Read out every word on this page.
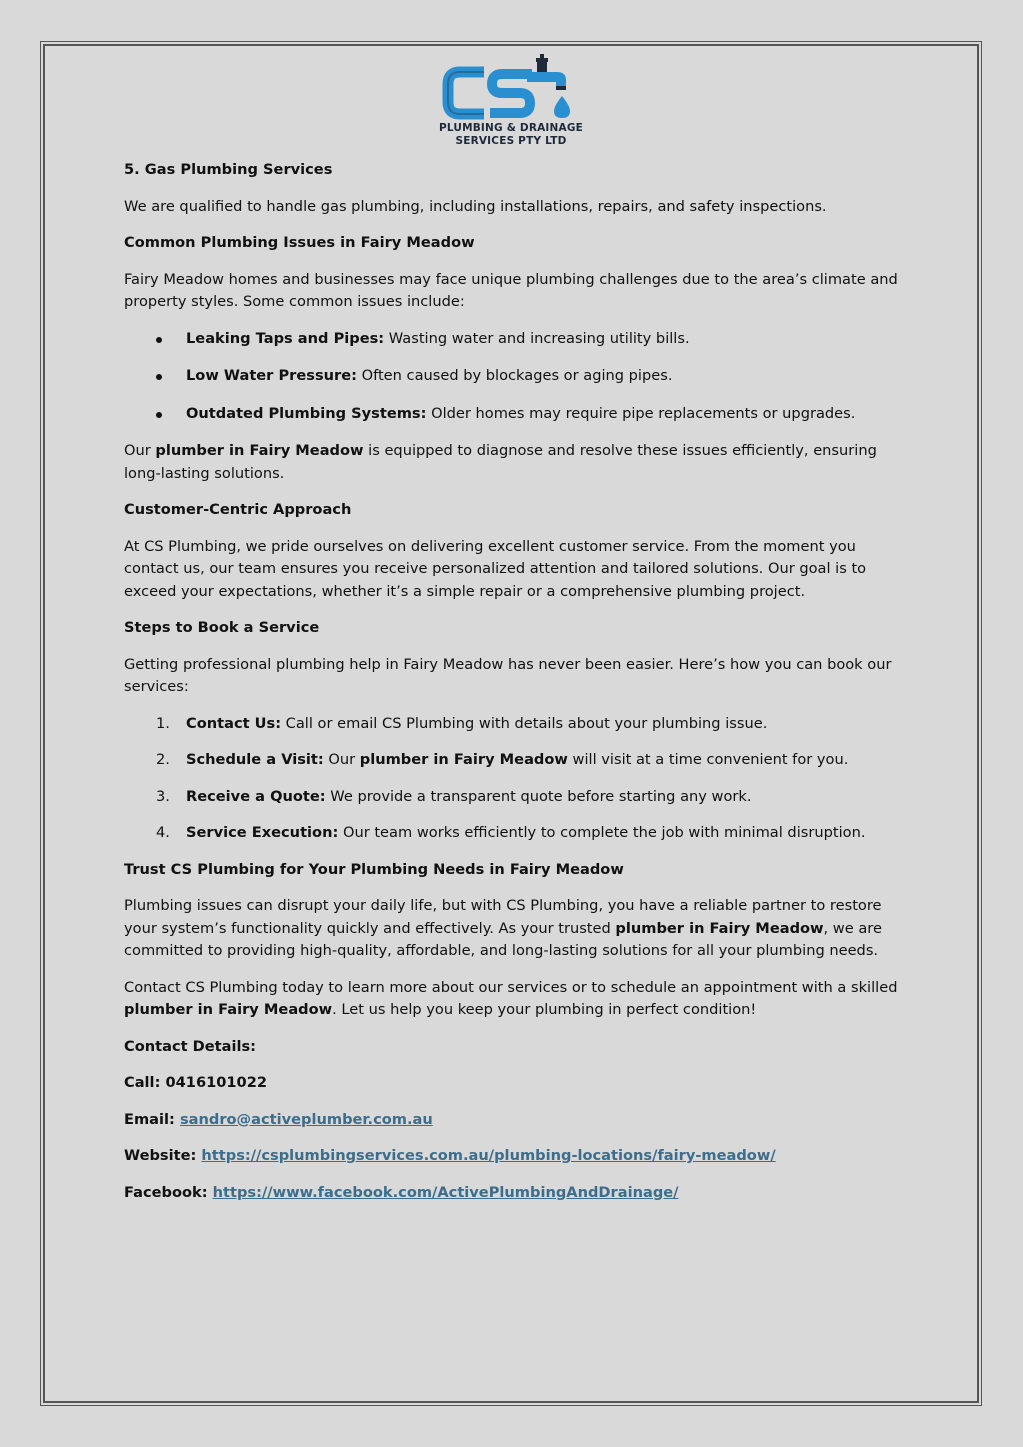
PLUMBING & DRAINAGE
SERVICES PTY LTD

5. Gas Plumbing Services

We are qualified to handle gas plumbing, including installations, repairs, and safety inspections.

Common Plumbing Issues in Fairy Meadow

Fairy Meadow homes and businesses may face unique plumbing challenges due to the area’s climate and property styles. Some common issues include:

Leaking Taps and Pipes: Wasting water and increasing utility bills.
Low Water Pressure: Often caused by blockages or aging pipes.
Outdated Plumbing Systems: Older homes may require pipe replacements or upgrades.

Our plumber in Fairy Meadow is equipped to diagnose and resolve these issues efficiently, ensuring long-lasting solutions.

Customer-Centric Approach

At CS Plumbing, we pride ourselves on delivering excellent customer service. From the moment you contact us, our team ensures you receive personalized attention and tailored solutions. Our goal is to exceed your expectations, whether it’s a simple repair or a comprehensive plumbing project.

Steps to Book a Service

Getting professional plumbing help in Fairy Meadow has never been easier. Here’s how you can book our services:

1. Contact Us: Call or email CS Plumbing with details about your plumbing issue.
2. Schedule a Visit: Our plumber in Fairy Meadow will visit at a time convenient for you.
3. Receive a Quote: We provide a transparent quote before starting any work.
4. Service Execution: Our team works efficiently to complete the job with minimal disruption.

Trust CS Plumbing for Your Plumbing Needs in Fairy Meadow

Plumbing issues can disrupt your daily life, but with CS Plumbing, you have a reliable partner to restore your system’s functionality quickly and effectively. As your trusted plumber in Fairy Meadow, we are committed to providing high-quality, affordable, and long-lasting solutions for all your plumbing needs.

Contact CS Plumbing today to learn more about our services or to schedule an appointment with a skilled plumber in Fairy Meadow. Let us help you keep your plumbing in perfect condition!

Contact Details:

Call: 0416101022

Email: sandro@activeplumber.com.au

Website: https://csplumbingservices.com.au/plumbing-locations/fairy-meadow/

Facebook: https://www.facebook.com/ActivePlumbingAndDrainage/
